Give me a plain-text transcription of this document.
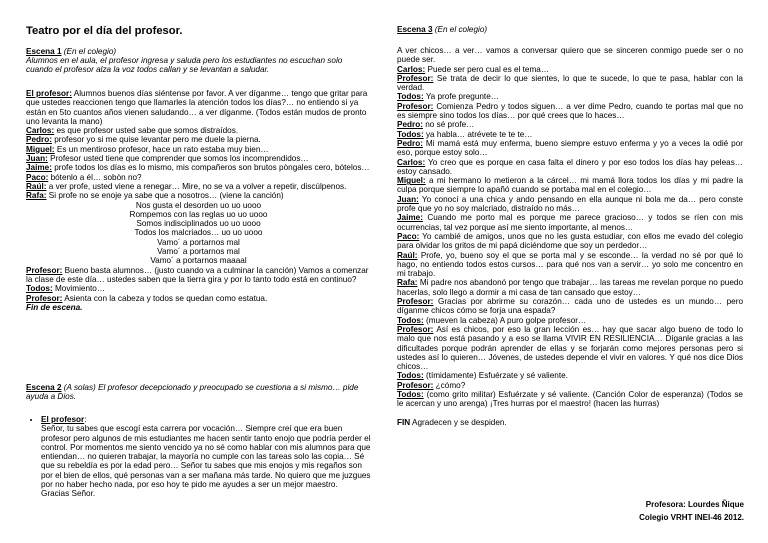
Teatro por el día del profesor.
Escena 1 (En el colegio)
Alumnos en el aula, el profesor ingresa y saluda pero los estudiantes no escuchan solo cuando el profesor alza la voz todos callan y se levantan a saludar.

El profesor: Alumnos buenos días siéntense por favor. A ver díganme… tengo que gritar para que ustedes reaccionen tengo que llamarles la atención todos los días?… no entiendo si ya están en 5to cuantos años vienen saludando… a ver díganme. (Todos están mudos de pronto uno levanta la mano)

Carlos: es que profesor usted sabe que somos distraídos.

Pedro: profesor yo si me quise levantar pero me duele la pierna.

Miguel: Es un mentiroso profesor, hace un rato estaba muy bien…

Juan: Profesor usted tiene que comprender que somos los incomprendidos…

Jaime: profe todos los días es lo mismo, mis compañeros son brutos pòngales cero, bótelos…

Paco: bótenlo a él… sobòn no?

Raúl: a ver profe, usted viene a renegar… Mire, no se va a volver a repetir, discúlpenos.

Rafa: Si profe no se enoje ya sabe que a nosotros… (viene la canción)

Nos gusta el desorden uo uo uooo

Rompemos con las reglas uo uo uooo

Somos indisciplinados uo uo uooo

Todos los malcriados… uo uo uooo

Vamo´ a portarnos mal

Vamo´ a portarnos mal

Vamo´ a portarnos maaaal

Profesor: Bueno basta alumnos… (justo cuando va a culminar la canción) Vamos a comenzar la clase de este día… ustedes saben que la tierra gira y por lo tanto todo está en continuo?

Todos: Movimiento…

Profesor: Asienta con la cabeza y todos se quedan como estatua.

Fin de escena.

Escena 2 (A solas) El profesor decepcionado y preocupado se cuestiona a si mismo… pide ayuda a Dios.
• El profesor:

Señor, tu sabes que escogí esta carrera por vocación… Siempre creí que era buen profesor pero algunos de mis estudiantes me hacen sentir tanto enojo que podría perder el control. Por momentos me siento vencido ya no sé como hablar con mis alumnos para que entiendan… no quieren trabajar, la mayoría no cumple con las tareas solo las copia… Sé que su rebeldía es por la edad pero… Señor tu sabes que mis enojos y mis regaños son por el bien de ellos, qué personas van a ser mañana más tarde. No quiero que me juzgues por no haber hecho nada, por eso hoy te pido me ayudes a ser un mejor maestro.

Gracias Señor.

Escena 3 (En el colegio)

A ver chicos… a ver… vamos a conversar quiero que se sinceren conmigo puede ser o no puede ser.

Carlos: Puede ser pero cual es el tema…

Profesor: Se trata de decir lo que sientes, lo que te sucede, lo que te pasa, hablar con la verdad.

Todos: Ya profe pregunte…

Profesor: Comienza Pedro y todos siguen… a ver dime Pedro, cuando te portas mal que no es siempre sino todos los días… por qué crees que lo haces…

Pedro: no sé profe…

Todos: ya habla… atrévete te te te…

Pedro: Mi mamá está muy enferma, bueno siempre estuvo enferma y yo a veces la odié por eso, porque estoy solo…

Carlos: Yo creo que es porque en casa falta el dinero y por eso todos los días hay peleas… estoy cansado.

Miguel: a mi hermano lo metieron a la cárcel… mi mamá llora todos los días y mi padre la culpa porque siempre lo apañó cuando se portaba mal en el colegio…

Juan: Yo conocí a una chica y ando pensando en ella aunque ni bola me da… pero conste profe que yo no soy malcriado, distraído no más…

Jaime: Cuando me porto mal es porque me parece gracioso… y todos se ríen con mis ocurrencias, tal vez porque así me siento importante, al menos…

Paco: Yo cambié de amigos, unos que no les gusta estudiar, con ellos me evado del colegio para olvidar los gritos de mi papá diciéndome que soy un perdedor…

Raúl: Profe, yo, bueno soy el que se porta mal y se esconde… la verdad no sé por qué lo hago, no entiendo todos estos cursos… para qué nos van a servir… yo solo me concentro en mi trabajo.

Rafa: Mi padre nos abandonó por tengo que trabajar… las tareas me revelan porque no puedo hacerlas, solo llego a dormir a mi casa de tan cansado que estoy…

Profesor: Gracias por abrirme su corazón… cada uno de ustedes es un mundo… pero díganme chicos cómo se forja una espada?

Todos: (mueven la cabeza) A puro golpe profesor…

Profesor: Así es chicos, por eso la gran lección es… hay que sacar algo bueno de todo lo malo que nos está pasando y a eso se llama VIVIR EN RESILIENCIA… Díganle gracias a las dificultades porque podrán aprender de ellas y se forjarán como mejores personas pero si ustedes así lo quieren… Jóvenes, de ustedes depende el vivir en valores. Y qué nos dice Dios chicos…

Todos: (tímidamente) Esfuérzate y sé valiente.

Profesor: ¿cómo?

Todos: (como grito militar) Esfuérzate y sé valiente. (Canción Color de esperanza) (Todos se le acercan y uno arenga) ¡Tres hurras por el maestro! (hacen las hurras)

FIN Agradecen y se despiden.

Profesora: Lourdes Ñique
Colegio VRHT INEI-46 2012.
